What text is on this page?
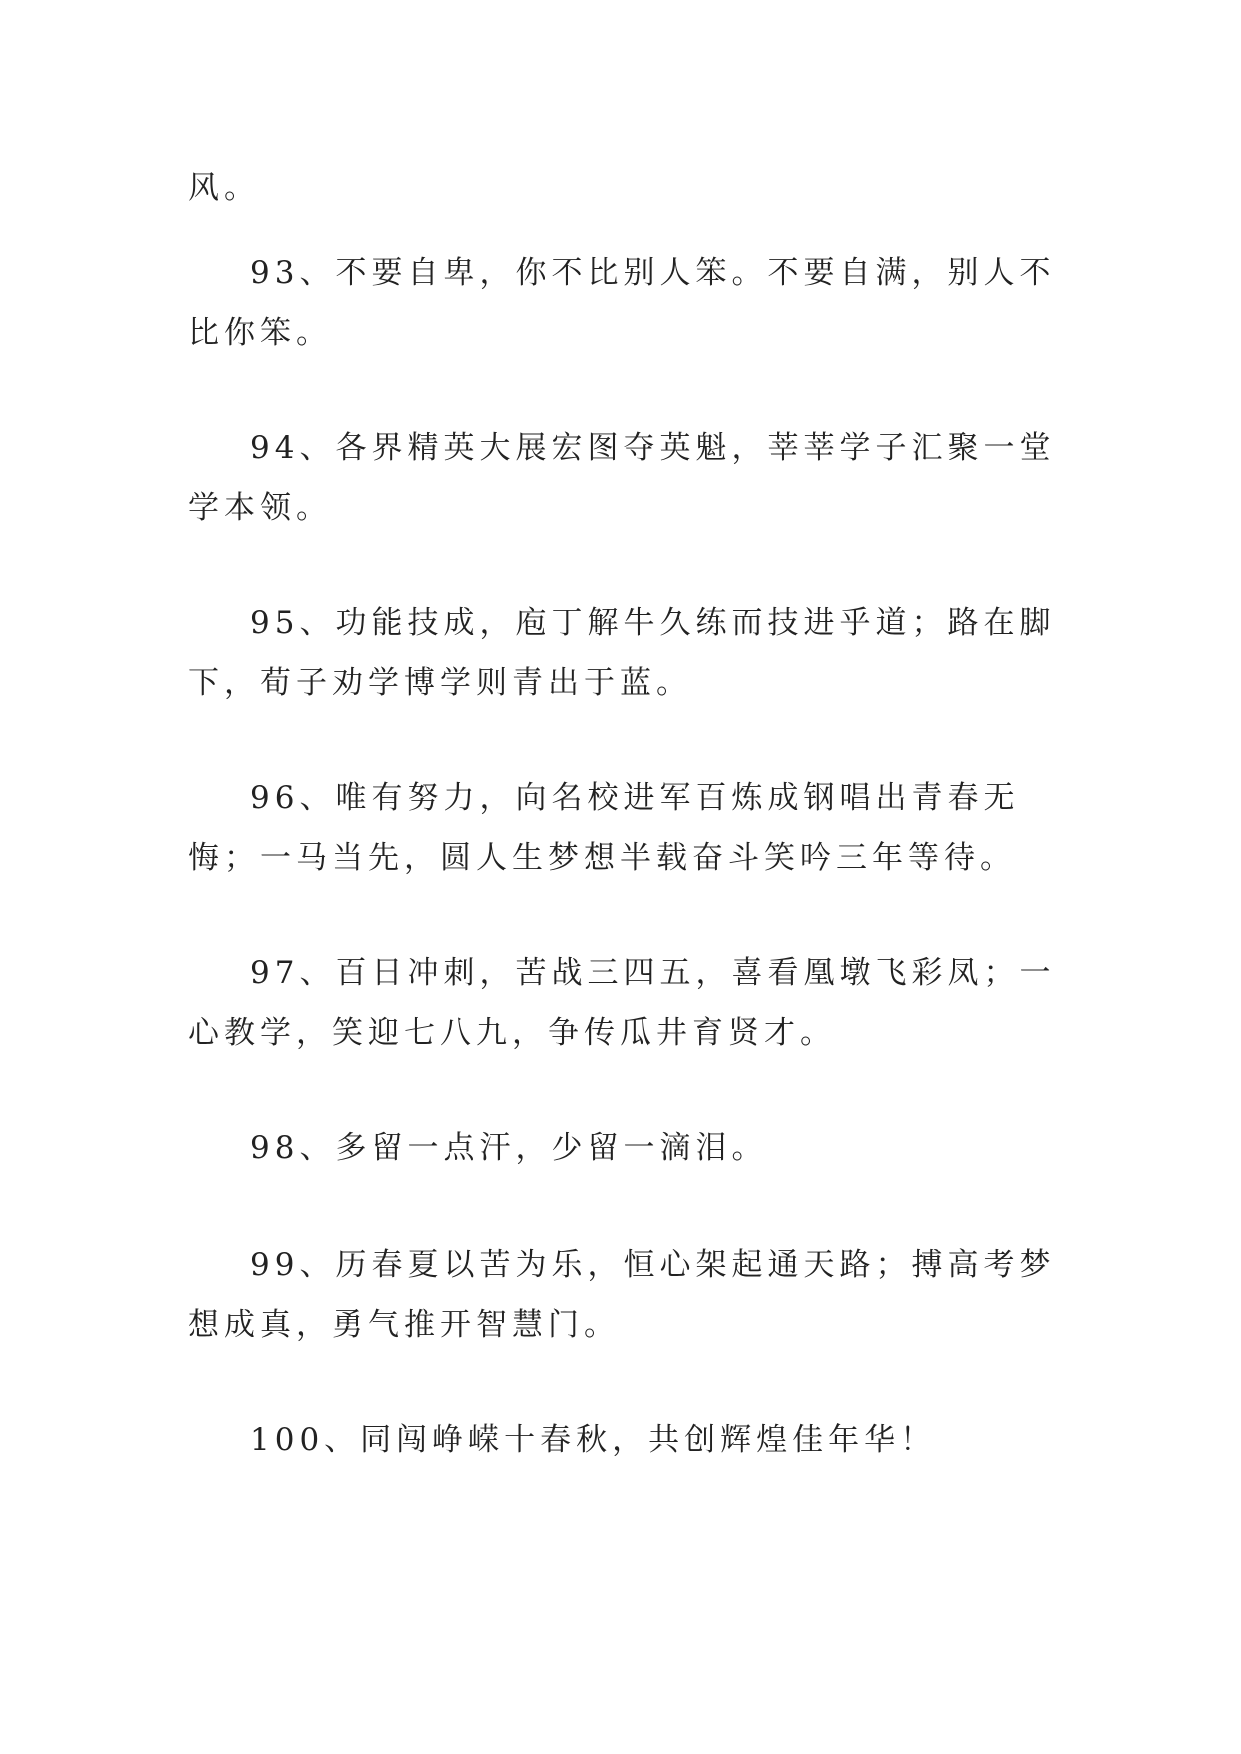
风。

93、不要自卑，你不比别人笨。不要自满，别人不比你笨。

94、各界精英大展宏图夺英魁，莘莘学子汇聚一堂学本领。

95、功能技成，庖丁解牛久练而技进乎道；路在脚下，荀子劝学博学则青出于蓝。

96、唯有努力，向名校进军百炼成钢唱出青春无悔；一马当先，圆人生梦想半载奋斗笑吟三年等待。

97、百日冲刺，苦战三四五，喜看凰墩飞彩凤；一心教学，笑迎七八九，争传瓜井育贤才。

98、多留一点汗，少留一滴泪。

99、历春夏以苦为乐，恒心架起通天路；搏高考梦想成真，勇气推开智慧门。

100、同闯峥嵘十春秋，共创辉煌佳年华！
